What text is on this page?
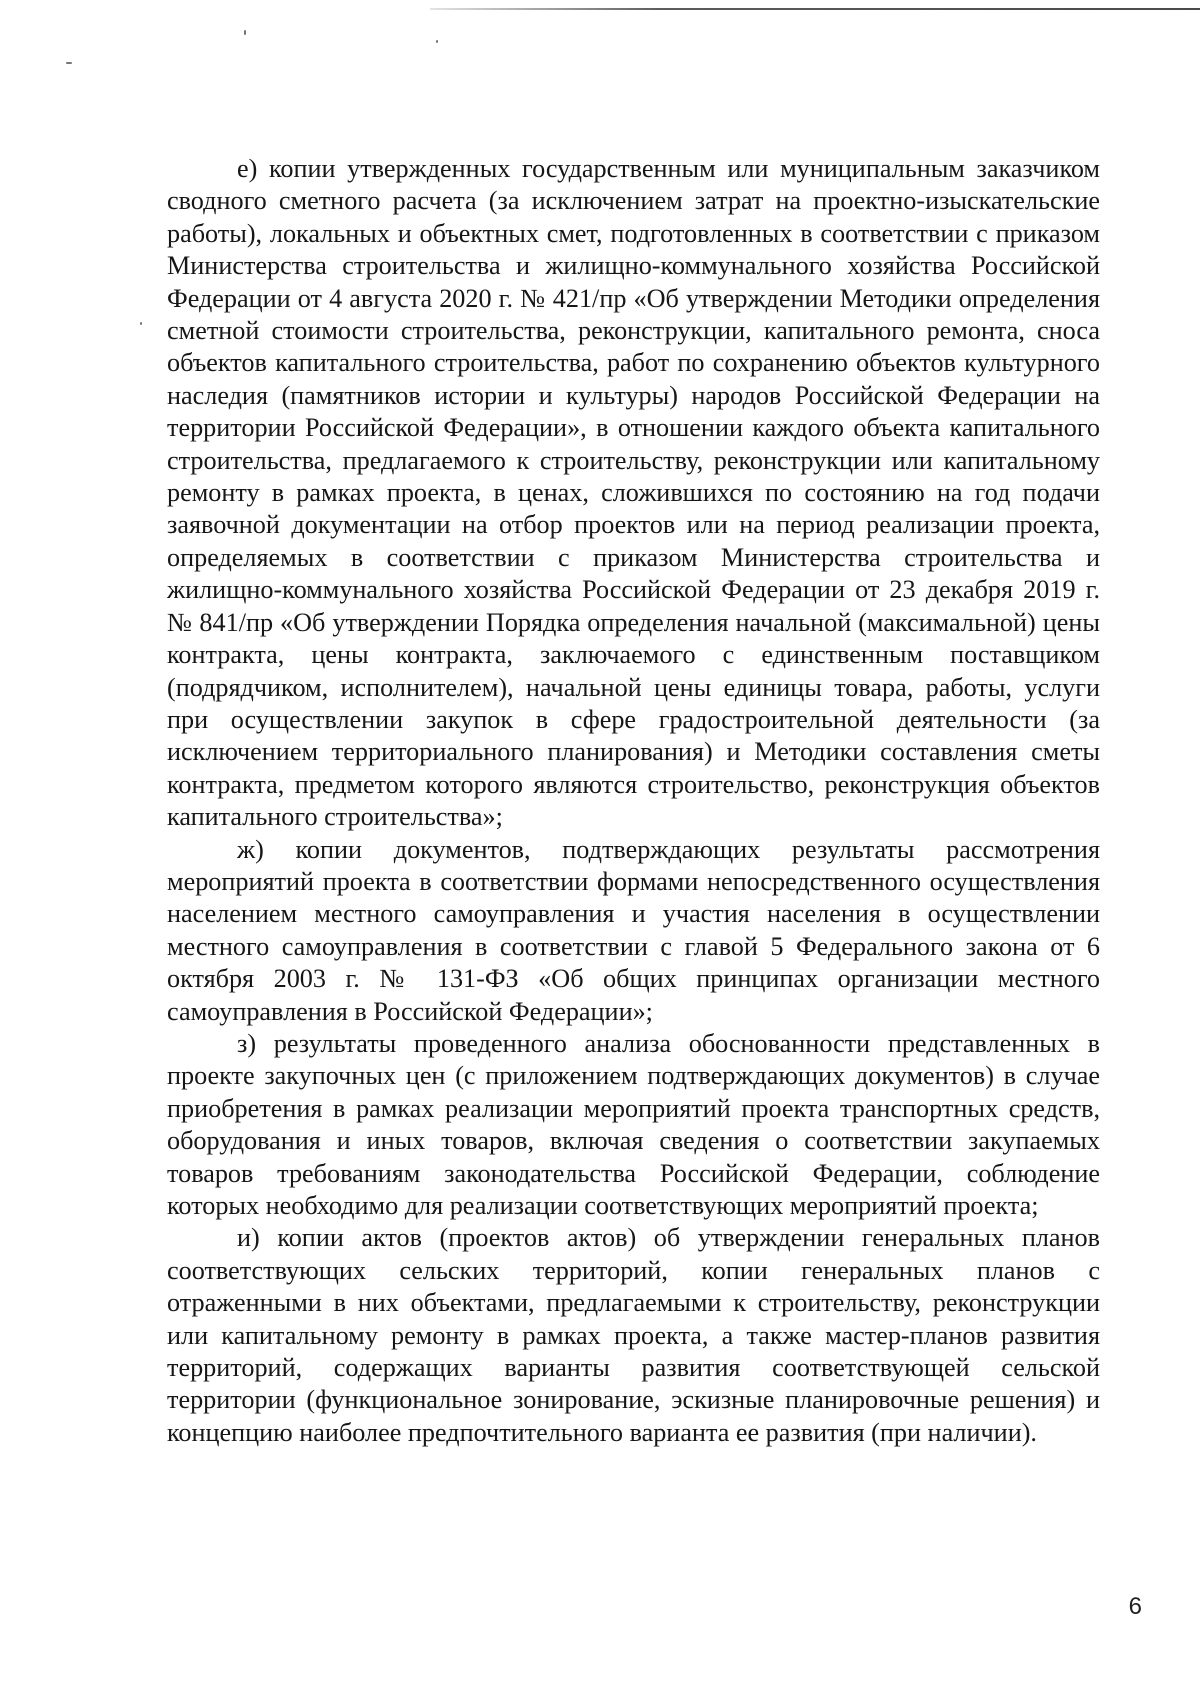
е) копии утвержденных государственным или муниципальным заказчиком сводного сметного расчета (за исключением затрат на проектно-изыскательские работы), локальных и объектных смет, подготовленных в соответствии с приказом Министерства строительства и жилищно-коммунального хозяйства Российской Федерации от 4 августа 2020 г. № 421/пр «Об утверждении Методики определения сметной стоимости строительства, реконструкции, капитального ремонта, сноса объектов капитального строительства, работ по сохранению объектов культурного наследия (памятников истории и культуры) народов Российской Федерации на территории Российской Федерации», в отношении каждого объекта капитального строительства, предлагаемого к строительству, реконструкции или капитальному ремонту в рамках проекта, в ценах, сложившихся по состоянию на год подачи заявочной документации на отбор проектов или на период реализации проекта, определяемых в соответствии с приказом Министерства строительства и жилищно-коммунального хозяйства Российской Федерации от 23 декабря 2019 г. № 841/пр «Об утверждении Порядка определения начальной (максимальной) цены контракта, цены контракта, заключаемого с единственным поставщиком (подрядчиком, исполнителем), начальной цены единицы товара, работы, услуги при осуществлении закупок в сфере градостроительной деятельности (за исключением территориального планирования) и Методики составления сметы контракта, предметом которого являются строительство, реконструкция объектов капитального строительства»;

ж) копии документов, подтверждающих результаты рассмотрения мероприятий проекта в соответствии формами непосредственного осуществления населением местного самоуправления и участия населения в осуществлении местного самоуправления в соответствии с главой 5 Федерального закона от 6 октября 2003 г. № 131-ФЗ «Об общих принципах организации местного самоуправления в Российской Федерации»;

з) результаты проведенного анализа обоснованности представленных в проекте закупочных цен (с приложением подтверждающих документов) в случае приобретения в рамках реализации мероприятий проекта транспортных средств, оборудования и иных товаров, включая сведения о соответствии закупаемых товаров требованиям законодательства Российской Федерации, соблюдение которых необходимо для реализации соответствующих мероприятий проекта;

и) копии актов (проектов актов) об утверждении генеральных планов соответствующих сельских территорий, копии генеральных планов с отраженными в них объектами, предлагаемыми к строительству, реконструкции или капитальному ремонту в рамках проекта, а также мастер-планов развития территорий, содержащих варианты развития соответствующей сельской территории (функциональное зонирование, эскизные планировочные решения) и концепцию наиболее предпочтительного варианта ее развития (при наличии).

6
